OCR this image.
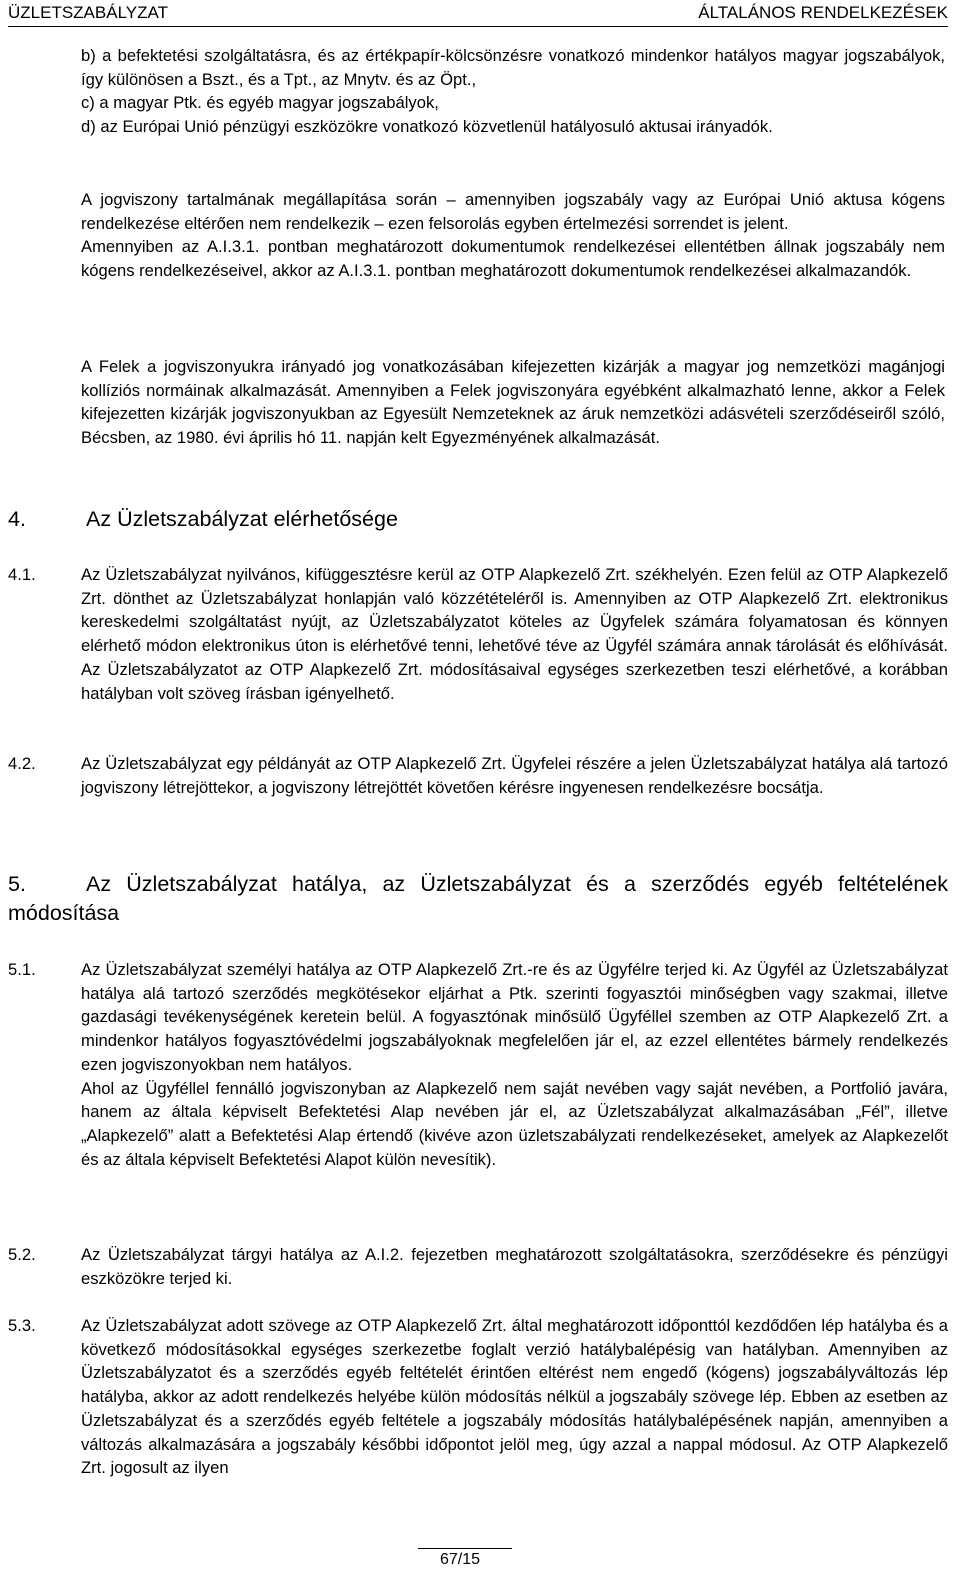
ÜZLETSZABÁLYZAT	ÁLTALÁNOS RENDELKEZÉSEK

b) a befektetési szolgáltatásra, és az értékpapír-kölcsönzésre vonatkozó mindenkor hatályos magyar jogszabályok, így különösen a Bszt., és a Tpt., az Mnytv. és az Öpt.,

c) a magyar Ptk. és egyéb magyar jogszabályok,

d) az Európai Unió pénzügyi eszközökre vonatkozó közvetlenül hatályosuló aktusai irányadók.

A jogviszony tartalmának megállapítása során – amennyiben jogszabály vagy az Európai Unió aktusa kógens rendelkezése eltérően nem rendelkezik – ezen felsorolás egyben értelmezési sorrendet is jelent.

Amennyiben az A.I.3.1. pontban meghatározott dokumentumok rendelkezései ellentétben állnak jogszabály nem kógens rendelkezéseivel, akkor az A.I.3.1. pontban meghatározott dokumentumok rendelkezései alkalmazandók.

A Felek a jogviszonyukra irányadó jog vonatkozásában kifejezetten kizárják a magyar jog nemzetközi magánjogi kollíziós normáinak alkalmazását. Amennyiben a Felek jogviszonyára egyébként alkalmazható lenne, akkor a Felek kifejezetten kizárják jogviszonyukban az Egyesült Nemzeteknek az áruk nemzetközi adásvételi szerződéseiről szóló, Bécsben, az 1980. évi április hó 11. napján kelt Egyezményének alkalmazását.

4.	Az Üzletszabályzat elérhetősége
4.1.	Az Üzletszabályzat nyilvános, kifüggesztésre kerül az OTP Alapkezelő Zrt. székhelyén. Ezen felül az OTP Alapkezelő Zrt. dönthet az Üzletszabályzat honlapján való közzétételéről is. Amennyiben az OTP Alapkezelő Zrt. elektronikus kereskedelmi szolgáltatást nyújt, az Üzletszabályzatot köteles az Ügyfelek számára folyamatosan és könnyen elérhető módon elektronikus úton is elérhetővé tenni, lehetővé téve az Ügyfél számára annak tárolását és előhívását. Az Üzletszabályzatot az OTP Alapkezelő Zrt. módosításaival egységes szerkezetben teszi elérhetővé, a korábban hatályban volt szöveg írásban igényelhető.

4.2.	Az Üzletszabályzat egy példányát az OTP Alapkezelő Zrt. Ügyfelei részére a jelen Üzletszabályzat hatálya alá tartozó jogviszony létrejöttekor, a jogviszony létrejöttét követően kérésre ingyenesen rendelkezésre bocsátja.

5.	Az Üzletszabályzat hatálya, az Üzletszabályzat és a szerződés egyéb feltételének módosítása
5.1.	Az Üzletszabályzat személyi hatálya az OTP Alapkezelő Zrt.-re és az Ügyfélre terjed ki. Az Ügyfél az Üzletszabályzat hatálya alá tartozó szerződés megkötésekor eljárhat a Ptk. szerinti fogyasztói minőségben vagy szakmai, illetve gazdasági tevékenységének keretein belül. A fogyasztónak minősülő Ügyféllel szemben az OTP Alapkezelő Zrt. a mindenkor hatályos fogyasztóvédelmi jogszabályoknak megfelelően jár el, az ezzel ellentétes bármely rendelkezés ezen jogviszonyokban nem hatályos.

Ahol az Ügyféllel fennálló jogviszonyban az Alapkezelő nem saját nevében vagy saját nevében, a Portfolió javára, hanem az általa képviselt Befektetési Alap nevében jár el, az Üzletszabályzat alkalmazásában „Fél”, illetve „Alapkezelő” alatt a Befektetési Alap értendő (kivéve azon üzletszabályzati rendelkezéseket, amelyek az Alapkezelőt és az általa képviselt Befektetési Alapot külön nevesítik).

5.2.	Az Üzletszabályzat tárgyi hatálya az A.I.2. fejezetben meghatározott szolgáltatásokra, szerződésekre és pénzügyi eszközökre terjed ki.

5.3.	Az Üzletszabályzat adott szövege az OTP Alapkezelő Zrt. által meghatározott időponttól kezdődően lép hatályba és a következő módosításokkal egységes szerkezetbe foglalt verzió hatálybalépésig van hatályban. Amennyiben az Üzletszabályzatot és a szerződés egyéb feltételét érintően eltérést nem engedő (kógens) jogszabályváltozás lép hatályba, akkor az adott rendelkezés helyébe külön módosítás nélkül a jogszabály szövege lép. Ebben az esetben az Üzletszabályzat és a szerződés egyéb feltétele a jogszabály módosítás hatálybalépésének napján, amennyiben a változás alkalmazására a jogszabály későbbi időpontot jelöl meg, úgy azzal a nappal módosul. Az OTP Alapkezelő Zrt. jogosult az ilyen

67/15
